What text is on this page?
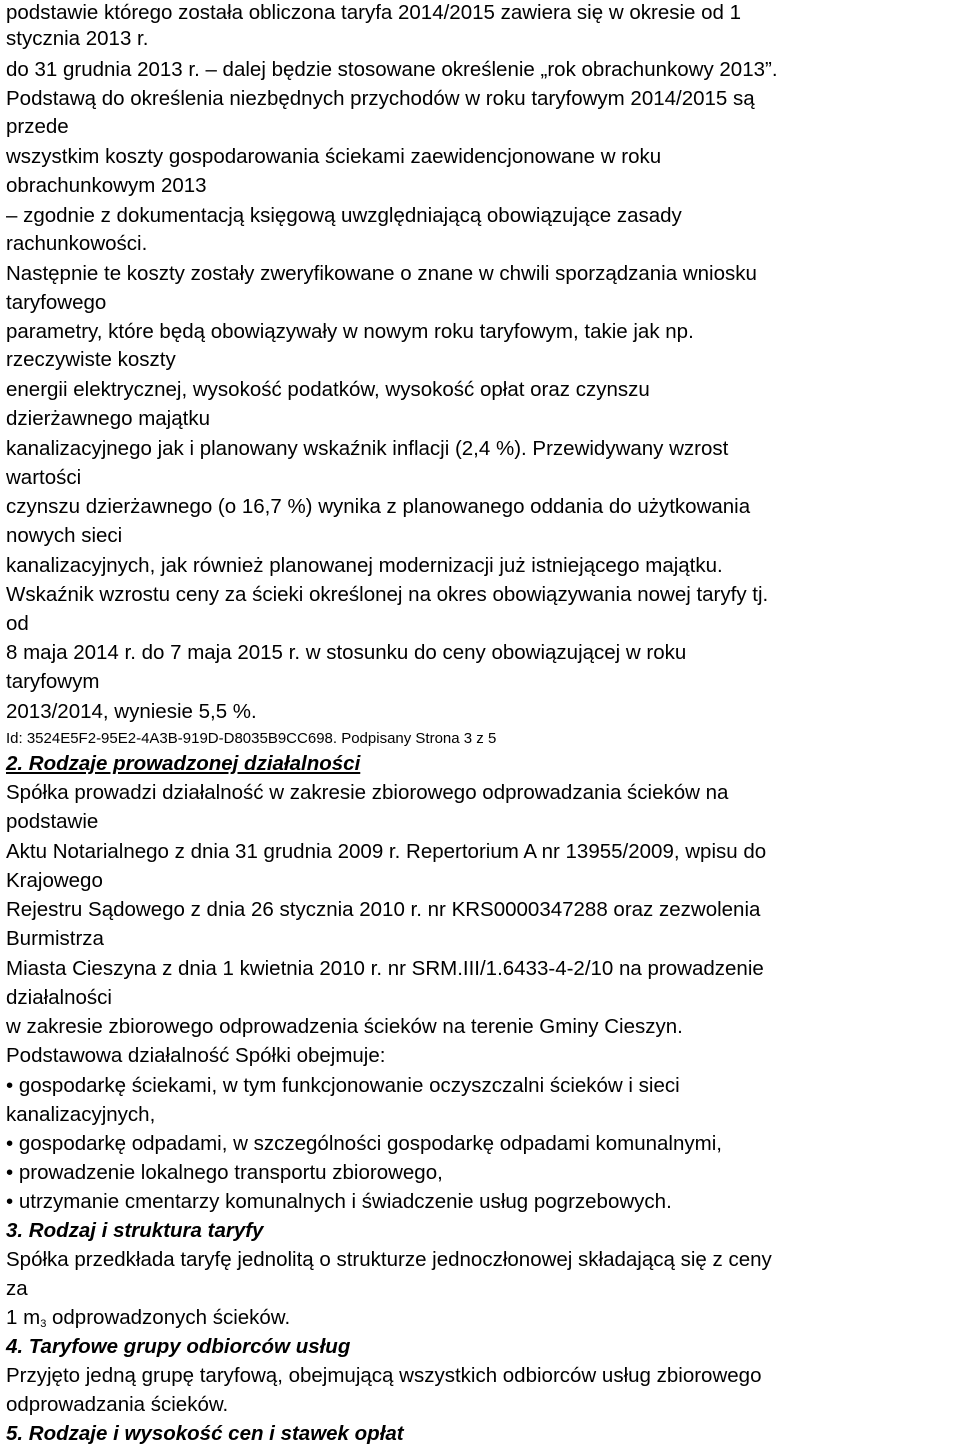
podstawie którego została obliczona taryfa 2014/2015 zawiera się w okresie od 1
stycznia 2013 r.
do 31 grudnia 2013 r. – dalej będzie stosowane określenie „rok obrachunkowy 2013”.
Podstawą do określenia niezbędnych przychodów w roku taryfowym 2014/2015 są
przede
wszystkim koszty gospodarowania ściekami zaewidencjonowane w roku
obrachunkowym 2013
– zgodnie z dokumentacją księgową uwzględniającą obowiązujące zasady
rachunkowości.
Następnie te koszty zostały zweryfikowane o znane w chwili sporządzania wniosku
taryfowego
parametry, które będą obowiązywały w nowym roku taryfowym, takie jak np.
rzeczywiste koszty
energii elektrycznej, wysokość podatków, wysokość opłat oraz czynszu
dzierżawnego majątku
kanalizacyjnego jak i planowany wskaźnik inflacji (2,4 %). Przewidywany wzrost
wartości
czynszu dzierżawnego (o 16,7 %) wynika z planowanego oddania do użytkowania
nowych sieci
kanalizacyjnych, jak również planowanej modernizacji już istniejącego majątku.
Wskaźnik wzrostu ceny za ścieki określonej na okres obowiązywania nowej taryfy tj.
od
8 maja 2014 r. do 7 maja 2015 r. w stosunku do ceny obowiązującej w roku
taryfowym
2013/2014, wyniesie 5,5 %.
Id: 3524E5F2-95E2-4A3B-919D-D8035B9CC698. Podpisany Strona 3 z 5
2. Rodzaje prowadzonej działalności
Spółka prowadzi działalność w zakresie zbiorowego odprowadzania ścieków na
podstawie
Aktu Notarialnego z dnia 31 grudnia 2009 r. Repertorium A nr 13955/2009, wpisu do
Krajowego
Rejestru Sądowego z dnia 26 stycznia 2010 r. nr KRS0000347288 oraz zezwolenia
Burmistrza
Miasta Cieszyna z dnia 1 kwietnia 2010 r. nr SRM.III/1.6433-4-2/10 na prowadzenie
działalności
w zakresie zbiorowego odprowadzenia ścieków na terenie Gminy Cieszyn.
Podstawowa działalność Spółki obejmuje:
• gospodarkę ściekami, w tym funkcjonowanie oczyszczalni ścieków i sieci
kanalizacyjnych,
• gospodarkę odpadami, w szczególności gospodarkę odpadami komunalnymi,
• prowadzenie lokalnego transportu zbiorowego,
• utrzymanie cmentarzy komunalnych i świadczenie usług pogrzebowych.
3. Rodzaj i struktura taryfy
Spółka przedkłada taryfę jednolitą o strukturze jednoczłonowej składającą się z ceny
za
1 $m_3$ odprowadzonych ścieków.
4. Taryfowe grupy odbiorców usług
Przyjęto jedną grupę taryfową, obejmującą wszystkich odbiorców usług zbiorowego
odprowadzania ścieków.
5. Rodzaje i wysokość cen i stawek opłat
